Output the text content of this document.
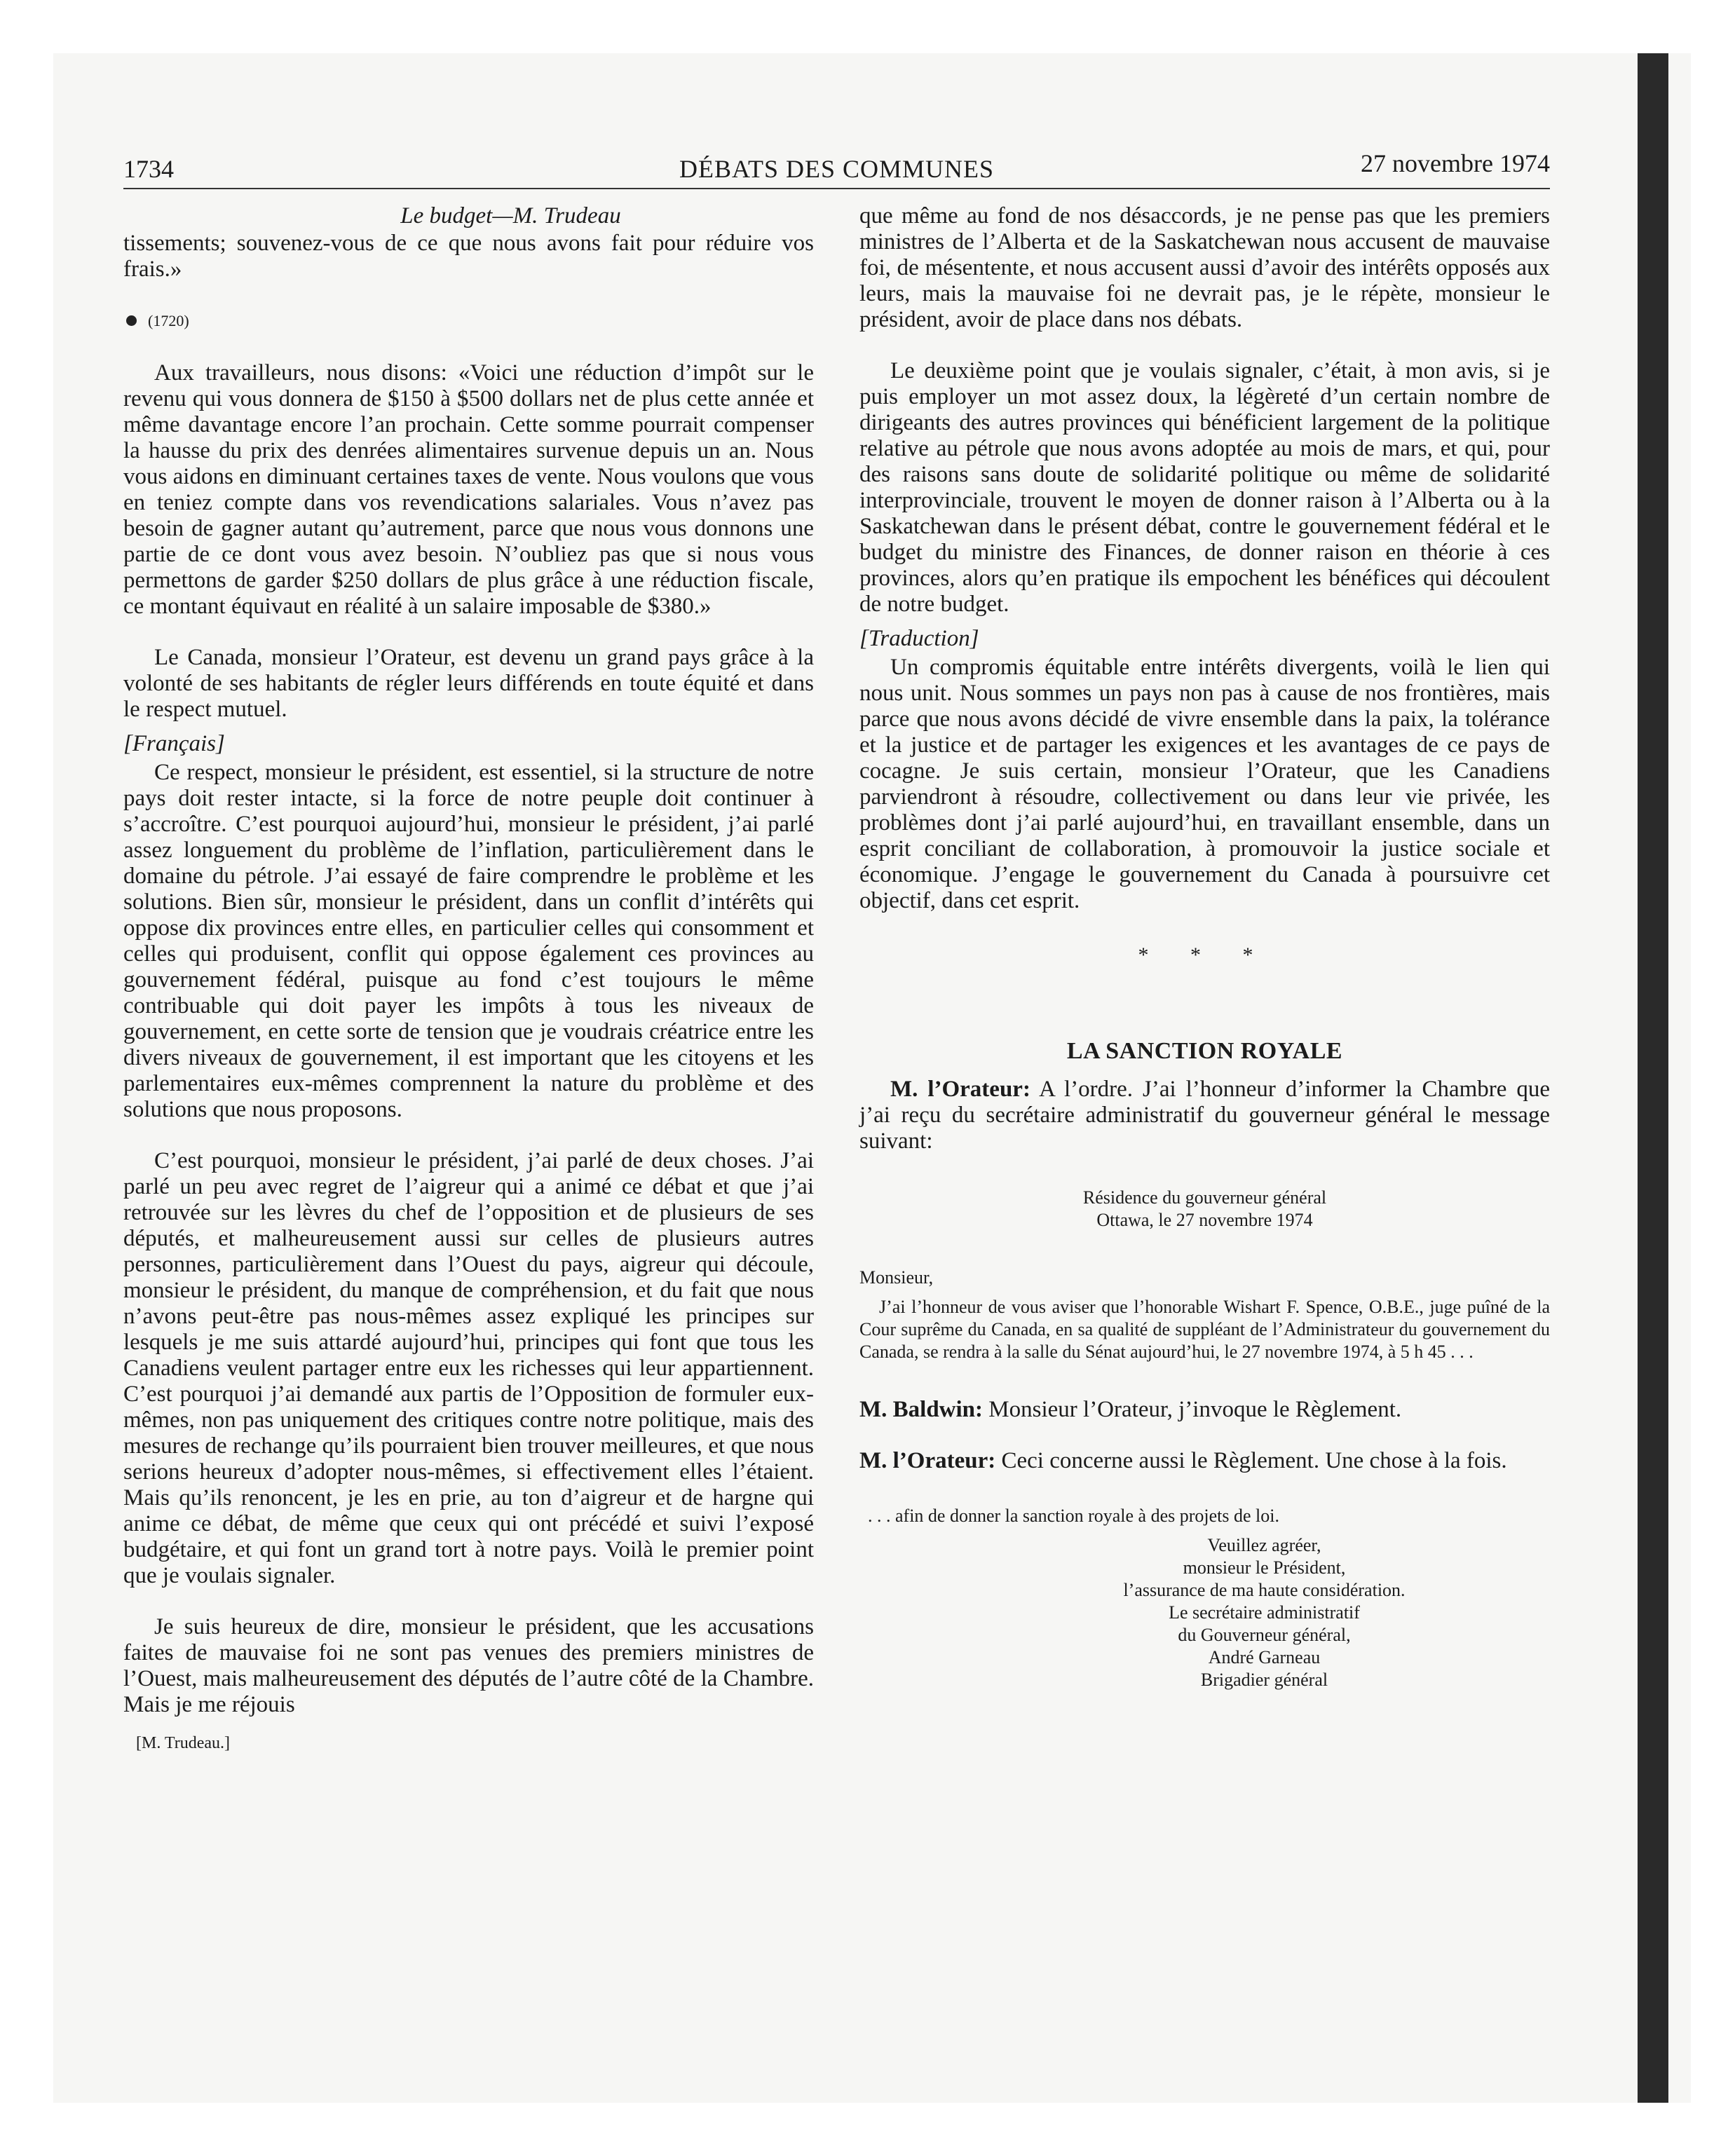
1734	DÉBATS DES COMMUNES	27 novembre 1974
Le budget—M. Trudeau

tissements; souvenez-vous de ce que nous avons fait pour réduire vos frais.»

(1720)

Aux travailleurs, nous disons: «Voici une réduction d’impôt sur le revenu qui vous donnera de $150 à $500 dollars net de plus cette année et même davantage encore l’an prochain. Cette somme pourrait compenser la hausse du prix des denrées alimentaires survenue depuis un an. Nous vous aidons en diminuant certaines taxes de vente. Nous voulons que vous en teniez compte dans vos revendications salariales. Vous n’avez pas besoin de gagner autant qu’autrement, parce que nous vous donnons une partie de ce dont vous avez besoin. N’oubliez pas que si nous vous permettons de garder $250 dollars de plus grâce à une réduction fiscale, ce montant équivaut en réalité à un salaire imposable de $380.»

Le Canada, monsieur l’Orateur, est devenu un grand pays grâce à la volonté de ses habitants de régler leurs différends en toute équité et dans le respect mutuel.

[Français]

Ce respect, monsieur le président, est essentiel, si la structure de notre pays doit rester intacte, si la force de notre peuple doit continuer à s’accroître. C’est pourquoi aujourd’hui, monsieur le président, j’ai parlé assez longuement du problème de l’inflation, particulièrement dans le domaine du pétrole. J’ai essayé de faire comprendre le problème et les solutions. Bien sûr, monsieur le président, dans un conflit d’intérêts qui oppose dix provinces entre elles, en particulier celles qui consomment et celles qui produisent, conflit qui oppose également ces provinces au gouvernement fédéral, puisque au fond c’est toujours le même contribuable qui doit payer les impôts à tous les niveaux de gouvernement, en cette sorte de tension que je voudrais créatrice entre les divers niveaux de gouvernement, il est important que les citoyens et les parlementaires eux-mêmes comprennent la nature du problème et des solutions que nous proposons.

C’est pourquoi, monsieur le président, j’ai parlé de deux choses. J’ai parlé un peu avec regret de l’aigreur qui a animé ce débat et que j’ai retrouvée sur les lèvres du chef de l’opposition et de plusieurs de ses députés, et malheureusement aussi sur celles de plusieurs autres personnes, particulièrement dans l’Ouest du pays, aigreur qui découle, monsieur le président, du manque de compréhension, et du fait que nous n’avons peut-être pas nous-mêmes assez expliqué les principes sur lesquels je me suis attardé aujourd’hui, principes qui font que tous les Canadiens veulent partager entre eux les richesses qui leur appartiennent. C’est pourquoi j’ai demandé aux partis de l’Opposition de formuler eux-mêmes, non pas uniquement des critiques contre notre politique, mais des mesures de rechange qu’ils pourraient bien trouver meilleures, et que nous serions heureux d’adopter nous-mêmes, si effectivement elles l’étaient. Mais qu’ils renoncent, je les en prie, au ton d’aigreur et de hargne qui anime ce débat, de même que ceux qui ont précédé et suivi l’exposé budgétaire, et qui font un grand tort à notre pays. Voilà le premier point que je voulais signaler.

Je suis heureux de dire, monsieur le président, que les accusations faites de mauvaise foi ne sont pas venues des premiers ministres de l’Ouest, mais malheureusement des députés de l’autre côté de la Chambre. Mais je me réjouis

[M. Trudeau.]

que même au fond de nos désaccords, je ne pense pas que les premiers ministres de l’Alberta et de la Saskatchewan nous accusent de mauvaise foi, de mésentente, et nous accusent aussi d’avoir des intérêts opposés aux leurs, mais la mauvaise foi ne devrait pas, je le répète, monsieur le président, avoir de place dans nos débats.

Le deuxième point que je voulais signaler, c’était, à mon avis, si je puis employer un mot assez doux, la légèreté d’un certain nombre de dirigeants des autres provinces qui bénéficient largement de la politique relative au pétrole que nous avons adoptée au mois de mars, et qui, pour des raisons sans doute de solidarité politique ou même de solidarité interprovinciale, trouvent le moyen de donner raison à l’Alberta ou à la Saskatchewan dans le présent débat, contre le gouvernement fédéral et le budget du ministre des Finances, de donner raison en théorie à ces provinces, alors qu’en pratique ils empochent les bénéfices qui découlent de notre budget.

[Traduction]

Un compromis équitable entre intérêts divergents, voilà le lien qui nous unit. Nous sommes un pays non pas à cause de nos frontières, mais parce que nous avons décidé de vivre ensemble dans la paix, la tolérance et la justice et de partager les exigences et les avantages de ce pays de cocagne. Je suis certain, monsieur l’Orateur, que les Canadiens parviendront à résoudre, collectivement ou dans leur vie privée, les problèmes dont j’ai parlé aujourd’hui, en travaillant ensemble, dans un esprit conciliant de collaboration, à promouvoir la justice sociale et économique. J’engage le gouvernement du Canada à poursuivre cet objectif, dans cet esprit.

* * *
LA SANCTION ROYALE

M. l’Orateur: A l’ordre. J’ai l’honneur d’informer la Chambre que j’ai reçu du secrétaire administratif du gouverneur général le message suivant:

Résidence du gouverneur général
Ottawa, le 27 novembre 1974

Monsieur,

J’ai l’honneur de vous aviser que l’honorable Wishart F. Spence, O.B.E., juge puîné de la Cour suprême du Canada, en sa qualité de suppléant de l’Administrateur du gouvernement du Canada, se rendra à la salle du Sénat aujourd’hui, le 27 novembre 1974, à 5 h 45 . . .

M. Baldwin: Monsieur l’Orateur, j’invoque le Règlement.

M. l’Orateur: Ceci concerne aussi le Règlement. Une chose à la fois.

. . . afin de donner la sanction royale à des projets de loi.
Veuillez agréer,
monsieur le Président,
l’assurance de ma haute considération.
Le secrétaire administratif
du Gouverneur général,
André Garneau
Brigadier général
